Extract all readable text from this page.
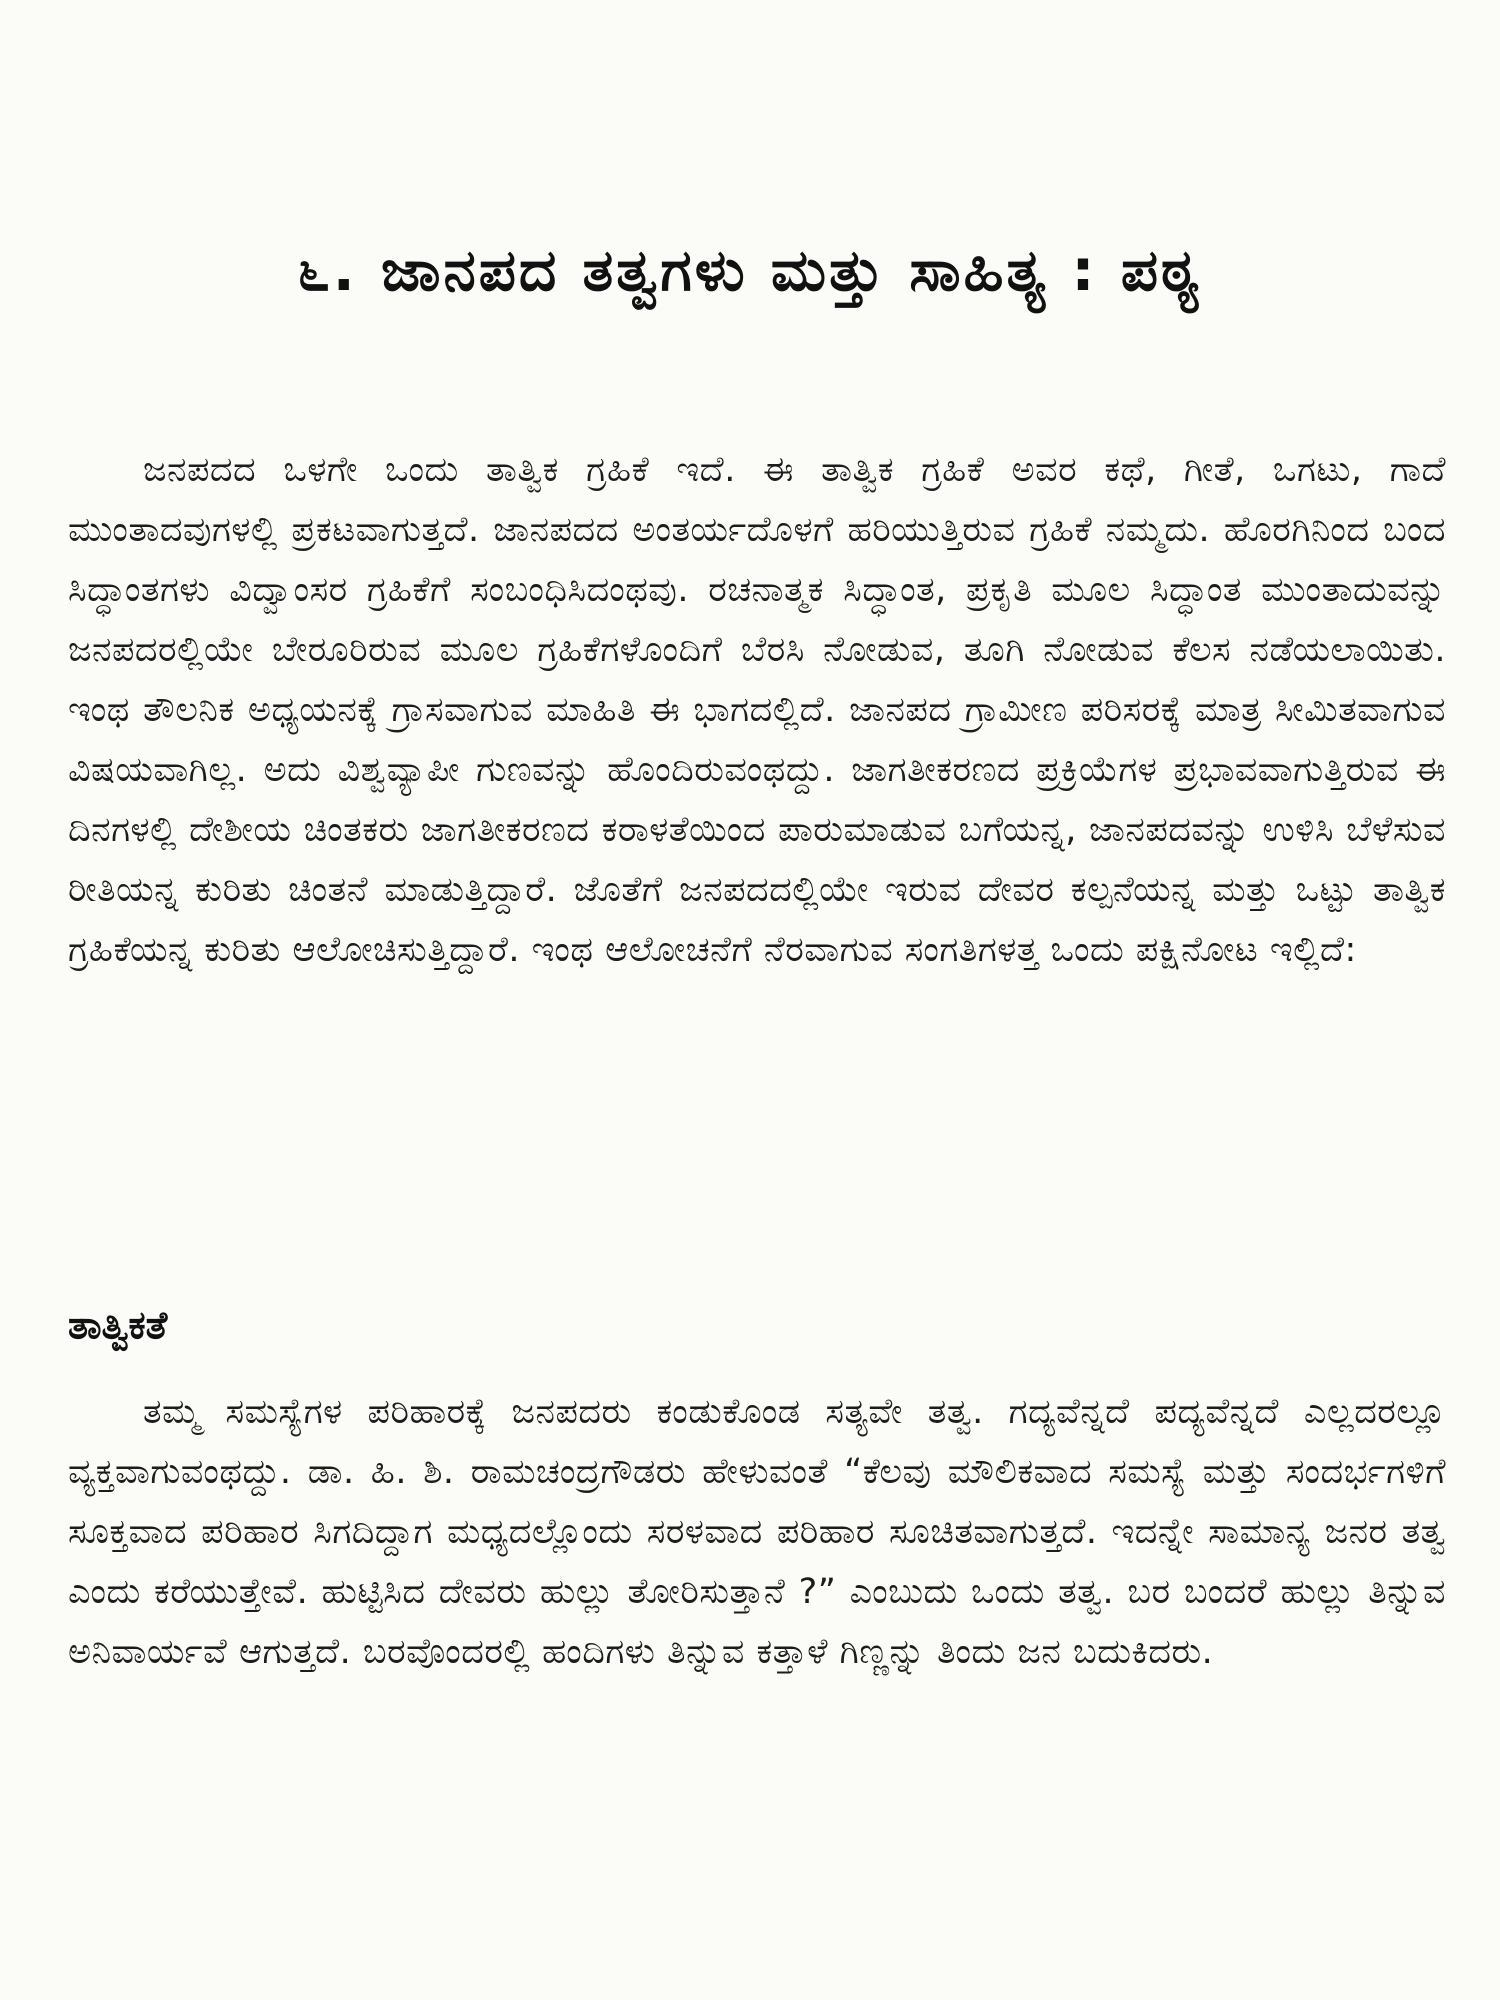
೬. ಜಾನಪದ ತತ್ವಗಳು ಮತ್ತು ಸಾಹಿತ್ಯ : ಪಠ್ಯ

ಜನಪದದ ಒಳಗೇ ಒಂದು ತಾತ್ವಿಕ ಗ್ರಹಿಕೆ ಇದೆ. ಈ ತಾತ್ವಿಕ ಗ್ರಹಿಕೆ ಅವರ ಕಥೆ, ಗೀತೆ, ಒಗಟು, ಗಾದೆ ಮುಂತಾದವುಗಳಲ್ಲಿ ಪ್ರಕಟವಾಗುತ್ತದೆ. ಜಾನಪದದ ಅಂತರ್ಯದೊಳಗೆ ಹರಿಯುತ್ತಿರುವ ಗ್ರಹಿಕೆ ನಮ್ಮದು. ಹೊರಗಿನಿಂದ ಬಂದ ಸಿದ್ಧಾಂತಗಳು ವಿದ್ವಾಂಸರ ಗ್ರಹಿಕೆಗೆ ಸಂಬಂಧಿಸಿದಂಥವು. ರಚನಾತ್ಮಕ ಸಿದ್ಧಾಂತ, ಪ್ರಕೃತಿ ಮೂಲ ಸಿದ್ಧಾಂತ ಮುಂತಾದುವನ್ನು ಜನಪದರಲ್ಲಿಯೇ ಬೇರೂರಿರುವ ಮೂಲ ಗ್ರಹಿಕೆಗಳೊಂದಿಗೆ ಬೆರಸಿ ನೋಡುವ, ತೂಗಿ ನೋಡುವ ಕೆಲಸ ನಡೆಯಲಾಯಿತು. ಇಂಥ ತೌಲನಿಕ ಅಧ್ಯಯನಕ್ಕೆ ಗ್ರಾಸವಾಗುವ ಮಾಹಿತಿ ಈ ಭಾಗದಲ್ಲಿದೆ. ಜಾನಪದ ಗ್ರಾಮೀಣ ಪರಿಸರಕ್ಕೆ ಮಾತ್ರ ಸೀಮಿತವಾಗುವ ವಿಷಯವಾಗಿಲ್ಲ. ಅದು ವಿಶ್ವವ್ಯಾಪೀ ಗುಣವನ್ನು ಹೊಂದಿರುವಂಥದ್ದು. ಜಾಗತೀಕರಣದ ಪ್ರಕ್ರಿಯೆಗಳ ಪ್ರಭಾವವಾಗುತ್ತಿರುವ ಈ ದಿನಗಳಲ್ಲಿ ದೇಶೀಯ ಚಿಂತಕರು ಜಾಗತೀಕರಣದ ಕರಾಳತೆಯಿಂದ ಪಾರುಮಾಡುವ ಬಗೆಯನ್ನ, ಜಾನಪದವನ್ನು ಉಳಿಸಿ ಬೆಳೆಸುವ ರೀತಿಯನ್ನ ಕುರಿತು ಚಿಂತನೆ ಮಾಡುತ್ತಿದ್ದಾರೆ. ಜೊತೆಗೆ ಜನಪದದಲ್ಲಿಯೇ ಇರುವ ದೇವರ ಕಲ್ಪನೆಯನ್ನ ಮತ್ತು ಒಟ್ಟು ತಾತ್ವಿಕ ಗ್ರಹಿಕೆಯನ್ನ ಕುರಿತು ಆಲೋಚಿಸುತ್ತಿದ್ದಾರೆ. ಇಂಥ ಆಲೋಚನೆಗೆ ನೆರವಾಗುವ ಸಂಗತಿಗಳತ್ತ ಒಂದು ಪಕ್ಷಿನೋಟ ಇಲ್ಲಿದೆ:

ತಾತ್ವಿಕತೆ

ತಮ್ಮ ಸಮಸ್ಯೆಗಳ ಪರಿಹಾರಕ್ಕೆ ಜನಪದರು ಕಂಡುಕೊಂಡ ಸತ್ಯವೇ ತತ್ವ. ಗದ್ಯವೆನ್ನದೆ ಪದ್ಯವೆನ್ನದೆ ಎಲ್ಲದರಲ್ಲೂ ವ್ಯಕ್ತವಾಗುವಂಥದ್ದು. ಡಾ. ಹಿ. ಶಿ. ರಾಮಚಂದ್ರಗೌಡರು ಹೇಳುವಂತೆ “ಕೆಲವು ಮೌಲಿಕವಾದ ಸಮಸ್ಯೆ ಮತ್ತು ಸಂದರ್ಭಗಳಿಗೆ ಸೂಕ್ತವಾದ ಪರಿಹಾರ ಸಿಗದಿದ್ದಾಗ ಮಧ್ಯದಲ್ಲೊಂದು ಸರಳವಾದ ಪರಿಹಾರ ಸೂಚಿತವಾಗುತ್ತದೆ. ಇದನ್ನೇ ಸಾಮಾನ್ಯ ಜನರ ತತ್ವ ಎಂದು ಕರೆಯುತ್ತೇವೆ. ಹುಟ್ಟಿಸಿದ ದೇವರು ಹುಲ್ಲು ತೋರಿಸುತ್ತಾನೆ ?” ಎಂಬುದು ಒಂದು ತತ್ವ. ಬರ ಬಂದರೆ ಹುಲ್ಲು ತಿನ್ನುವ ಅನಿವಾರ್ಯವೆ ಆಗುತ್ತದೆ. ಬರವೊಂದರಲ್ಲಿ ಹಂದಿಗಳು ತಿನ್ನುವ ಕತ್ತಾಳೆ ಗಿಣ್ಣನ್ನು ತಿಂದು ಜನ ಬದುಕಿದರು.
